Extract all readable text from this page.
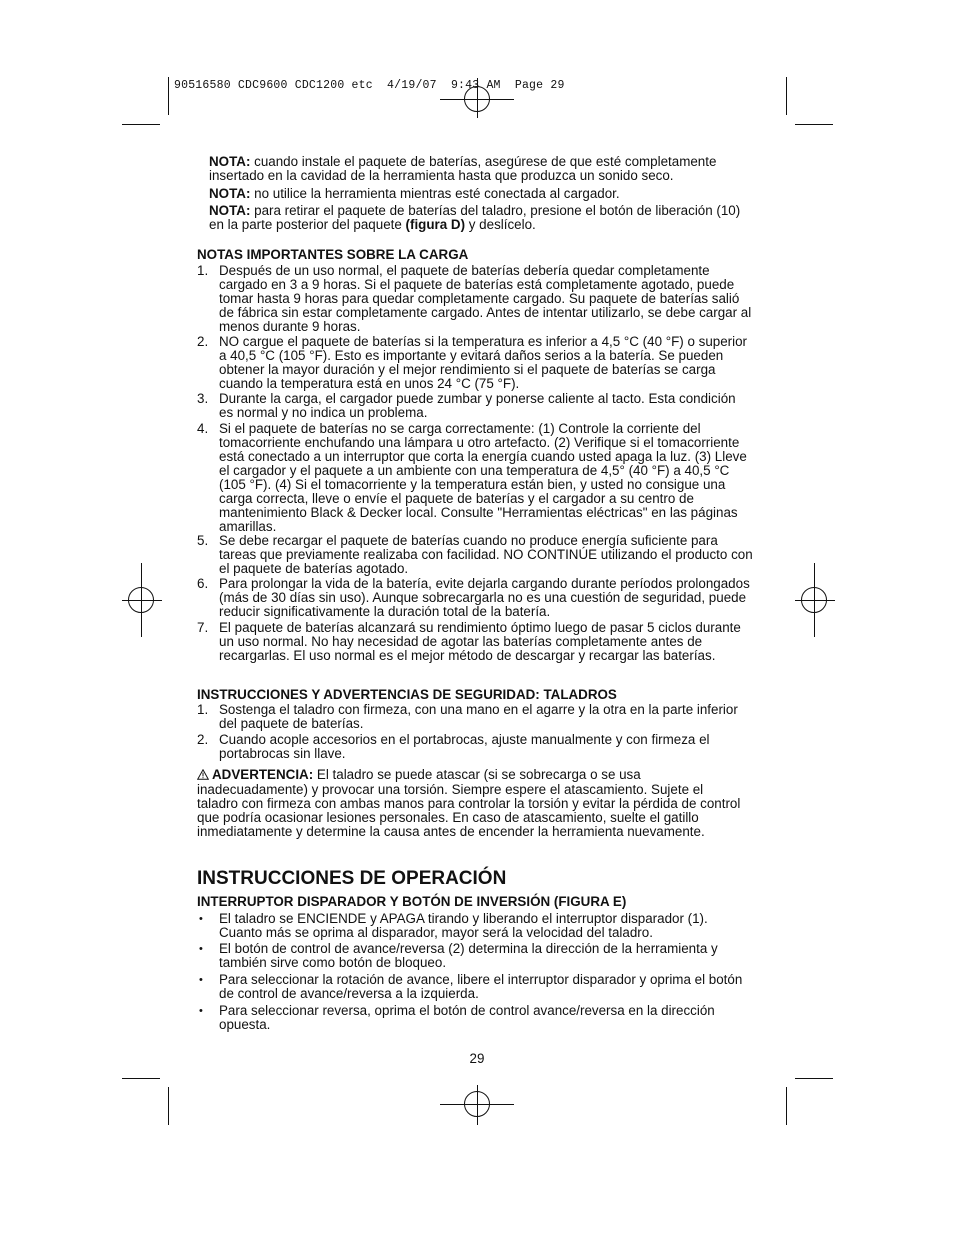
90516580 CDC9600 CDC1200 etc  4/19/07  9:43 AM  Page 29
NOTA: cuando instale el paquete de baterías, asegúrese de que esté completamente insertado en la cavidad de la herramienta hasta que produzca un sonido seco.
NOTA: no utilice la herramienta mientras esté conectada al cargador.
NOTA: para retirar el paquete de baterías del taladro, presione el botón de liberación (10) en la parte posterior del paquete (figura D) y deslícelo.
NOTAS IMPORTANTES SOBRE LA CARGA
1. Después de un uso normal, el paquete de baterías debería quedar completamente cargado en 3 a 9 horas. Si el paquete de baterías está completamente agotado, puede tomar hasta 9 horas para quedar completamente cargado. Su paquete de baterías salió de fábrica sin estar completamente cargado. Antes de intentar utilizarlo, se debe cargar al menos durante 9 horas.
2. NO cargue el paquete de baterías si la temperatura es inferior a 4,5 °C (40 °F) o superior a 40,5 °C (105 °F). Esto es importante y evitará daños serios a la batería. Se pueden obtener la mayor duración y el mejor rendimiento si el paquete de baterías se carga cuando la temperatura está en unos 24 °C (75 °F).
3. Durante la carga, el cargador puede zumbar y ponerse caliente al tacto. Esta condición es normal y no indica un problema.
4. Si el paquete de baterías no se carga correctamente: (1) Controle la corriente del tomacorriente enchufando una lámpara u otro artefacto. (2) Verifique si el tomacorriente está conectado a un interruptor que corta la energía cuando usted apaga la luz. (3) Lleve el cargador y el paquete a un ambiente con una temperatura de 4,5° (40 °F) a 40,5 °C (105 °F). (4) Si el tomacorriente y la temperatura están bien, y usted no consigue una carga correcta, lleve o envíe el paquete de baterías y el cargador a su centro de mantenimiento Black & Decker local. Consulte "Herramientas eléctricas" en las páginas amarillas.
5. Se debe recargar el paquete de baterías cuando no produce energía suficiente para tareas que previamente realizaba con facilidad. NO CONTINÚE utilizando el producto con el paquete de baterías agotado.
6. Para prolongar la vida de la batería, evite dejarla cargando durante períodos prolongados (más de 30 días sin uso). Aunque sobrecargarla no es una cuestión de seguridad, puede reducir significativamente la duración total de la batería.
7. El paquete de baterías alcanzará su rendimiento óptimo luego de pasar 5 ciclos durante un uso normal. No hay necesidad de agotar las baterías completamente antes de recargarlas. El uso normal es el mejor método de descargar y recargar las baterías.
INSTRUCCIONES Y ADVERTENCIAS DE SEGURIDAD: TALADROS
1. Sostenga el taladro con firmeza, con una mano en el agarre y la otra en la parte inferior del paquete de baterías.
2. Cuando acople accesorios en el portabrocas, ajuste manualmente y con firmeza el portabrocas sin llave.
ADVERTENCIA: El taladro se puede atascar (si se sobrecarga o se usa inadecuadamente) y provocar una torsión. Siempre espere el atascamiento. Sujete el taladro con firmeza con ambas manos para controlar la torsión y evitar la pérdida de control que podría ocasionar lesiones personales. En caso de atascamiento, suelte el gatillo inmediatamente y determine la causa antes de encender la herramienta nuevamente.
INSTRUCCIONES DE OPERACIÓN
INTERRUPTOR DISPARADOR Y BOTÓN DE INVERSIÓN (FIGURA E)
• El taladro se ENCIENDE y APAGA tirando y liberando el interruptor disparador (1). Cuanto más se oprima al disparador, mayor será la velocidad del taladro.
• El botón de control de avance/reversa (2) determina la dirección de la herramienta y también sirve como botón de bloqueo.
• Para seleccionar la rotación de avance, libere el interruptor disparador y oprima el botón de control de avance/reversa a la izquierda.
• Para seleccionar reversa, oprima el botón de control avance/reversa en la dirección opuesta.
29
